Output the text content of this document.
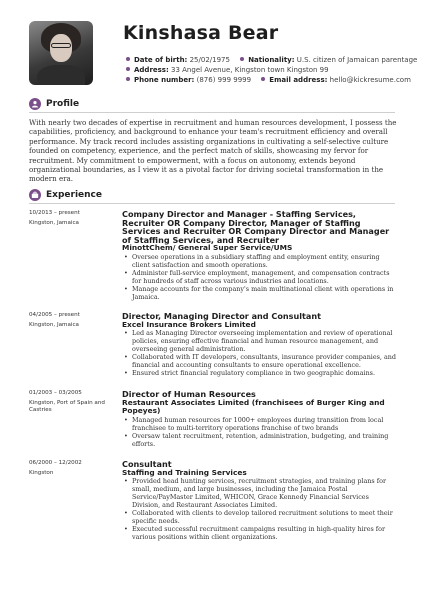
Kinshasa Bear
Date of birth: 25/02/1975	Nationality: U.S. citizen of Jamaican parentage
Address: 33 Angel Avenue, Kingston town Kingston 99
Phone number: (876) 999 9999	Email address: hello@kickresume.com
Profile
With nearly two decades of expertise in recruitment and human resources development, I possess the capabilities, proficiency, and background to enhance your team's recruitment efficiency and overall performance. My track record includes assisting organizations in cultivating a self-selective culture founded on competency, experience, and the perfect match of skills, showcasing my fervor for recruitment. My commitment to empowerment, with a focus on autonomy, extends beyond organizational boundaries, as I view it as a pivotal factor for driving societal transformation in the modern era.
Experience
10/2013 – present
Kingston, Jamaica
Company Director and Manager - Staffing Services, Recruiter OR Company Director, Manager of Staffing Services and Recruiter OR Company Director and Manager of Staffing Services, and Recruiter
MinottChem/ General Super Service/UMS
• Oversee operations in a subsidiary staffing and employment entity, ensuring client satisfaction and smooth operations.
• Administer full-service employment, management, and compensation contracts for hundreds of staff across various industries and locations.
• Manage accounts for the company's main multinational client with operations in Jamaica.
04/2005 – present
Kingston, Jamaica
Director, Managing Director and Consultant
Excel Insurance Brokers Limited
• Led as Managing Director overseeing implementation and review of operational policies, ensuring effective financial and human resource management, and overseeing general administration.
• Collaborated with IT developers, consultants, insurance provider companies, and financial and accounting consultants to ensure operational excellence.
• Ensured strict financial regulatory compliance in two geographic domains.
01/2003 – 03/2005
Kingston, Port of Spain and Castries
Director of Human Resources
Restaurant Associates Limited (franchisees of Burger King and Popeyes)
• Managed human resources for 1000+ employees during transition from local franchisee to multi-territory operations franchise of two brands
• Oversaw talent recruitment, retention, administration, budgeting, and training efforts.
06/2000 – 12/2002
Kingston
Consultant
Staffing and Training Services
• Provided head hunting services, recruitment strategies, and training plans for small, medium, and large businesses, including the Jamaica Postal Service/PayMaster Limited, WHICON, Grace Kennedy Financial Services Division, and Restaurant Associates Limited.
• Collaborated with clients to develop tailored recruitment solutions to meet their specific needs.
• Executed successful recruitment campaigns resulting in high-quality hires for various positions within client organizations.
